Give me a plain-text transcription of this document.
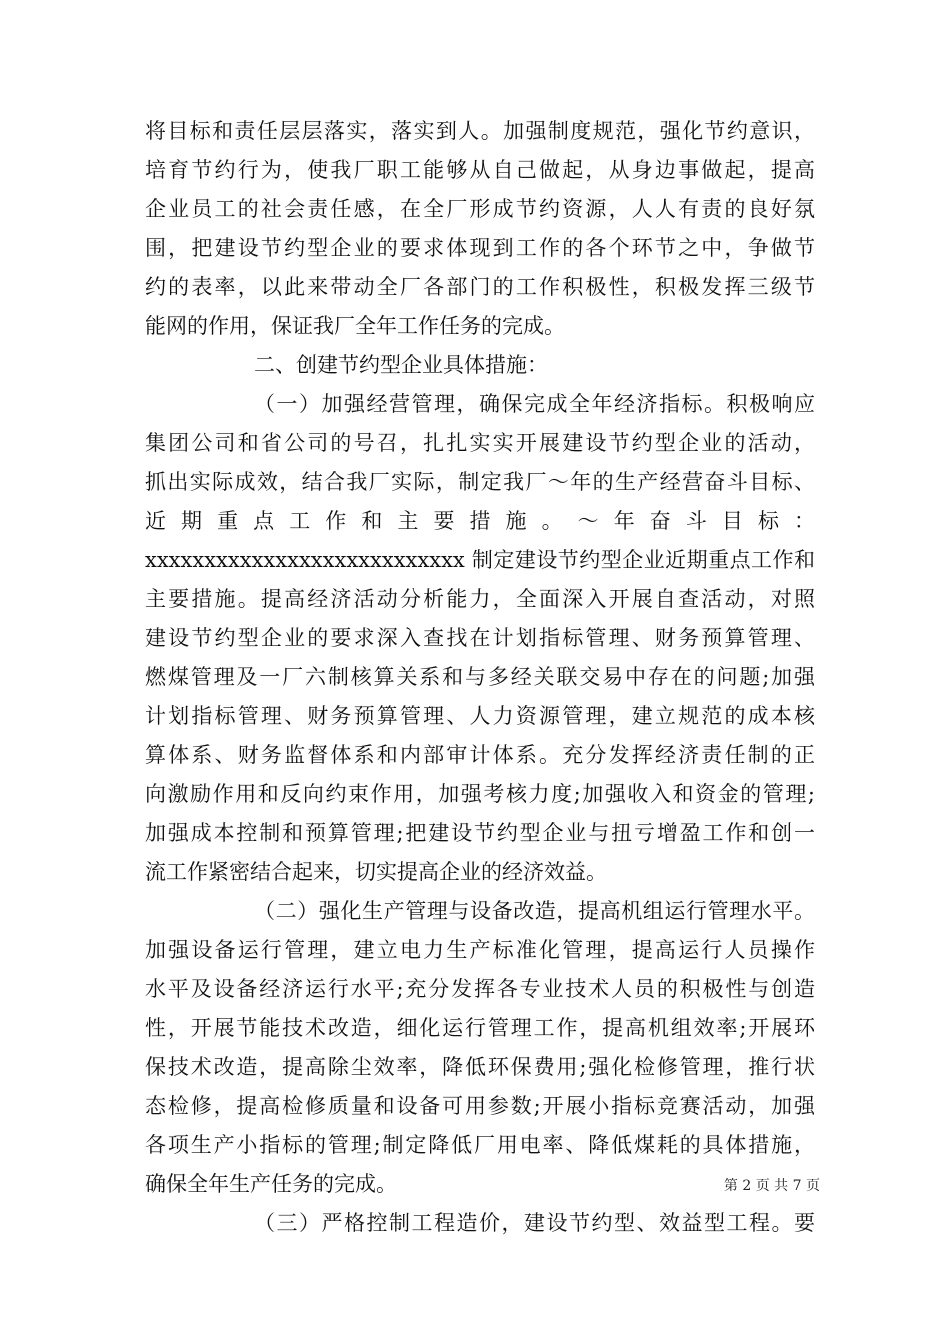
将目标和责任层层落实，落实到人。加强制度规范，强化节约意识，
培育节约行为，使我厂职工能够从自己做起，从身边事做起，提高
企业员工的社会责任感，在全厂形成节约资源，人人有责的良好氛
围，把建设节约型企业的要求体现到工作的各个环节之中，争做节
约的表率，以此来带动全厂各部门的工作积极性，积极发挥三级节
能网的作用，保证我厂全年工作任务的完成。
二、创建节约型企业具体措施：
（一）加强经营管理，确保完成全年经济指标。积极响应
集团公司和省公司的号召，扎扎实实开展建设节约型企业的活动，
抓出实际成效，结合我厂实际，制定我厂～年的生产经营奋斗目标、
近期重点工作和主要措施。～年奋斗目标：
xxxxxxxxxxxxxxxxxxxxxxxxxxx 制定建设节约型企业近期重点工作和
主要措施。提高经济活动分析能力，全面深入开展自查活动，对照
建设节约型企业的要求深入查找在计划指标管理、财务预算管理、
燃煤管理及一厂六制核算关系和与多经关联交易中存在的问题;加强
计划指标管理、财务预算管理、人力资源管理，建立规范的成本核
算体系、财务监督体系和内部审计体系。充分发挥经济责任制的正
向激励作用和反向约束作用，加强考核力度;加强收入和资金的管理;
加强成本控制和预算管理;把建设节约型企业与扭亏增盈工作和创一
流工作紧密结合起来，切实提高企业的经济效益。
（二）强化生产管理与设备改造，提高机组运行管理水平。
加强设备运行管理，建立电力生产标准化管理，提高运行人员操作
水平及设备经济运行水平;充分发挥各专业技术人员的积极性与创造
性，开展节能技术改造，细化运行管理工作，提高机组效率;开展环
保技术改造，提高除尘效率，降低环保费用;强化检修管理，推行状
态检修，提高检修质量和设备可用参数;开展小指标竞赛活动，加强
各项生产小指标的管理;制定降低厂用电率、降低煤耗的具体措施，
确保全年生产任务的完成。
（三）严格控制工程造价，建设节约型、效益型工程。要
第 2 页 共 7 页
